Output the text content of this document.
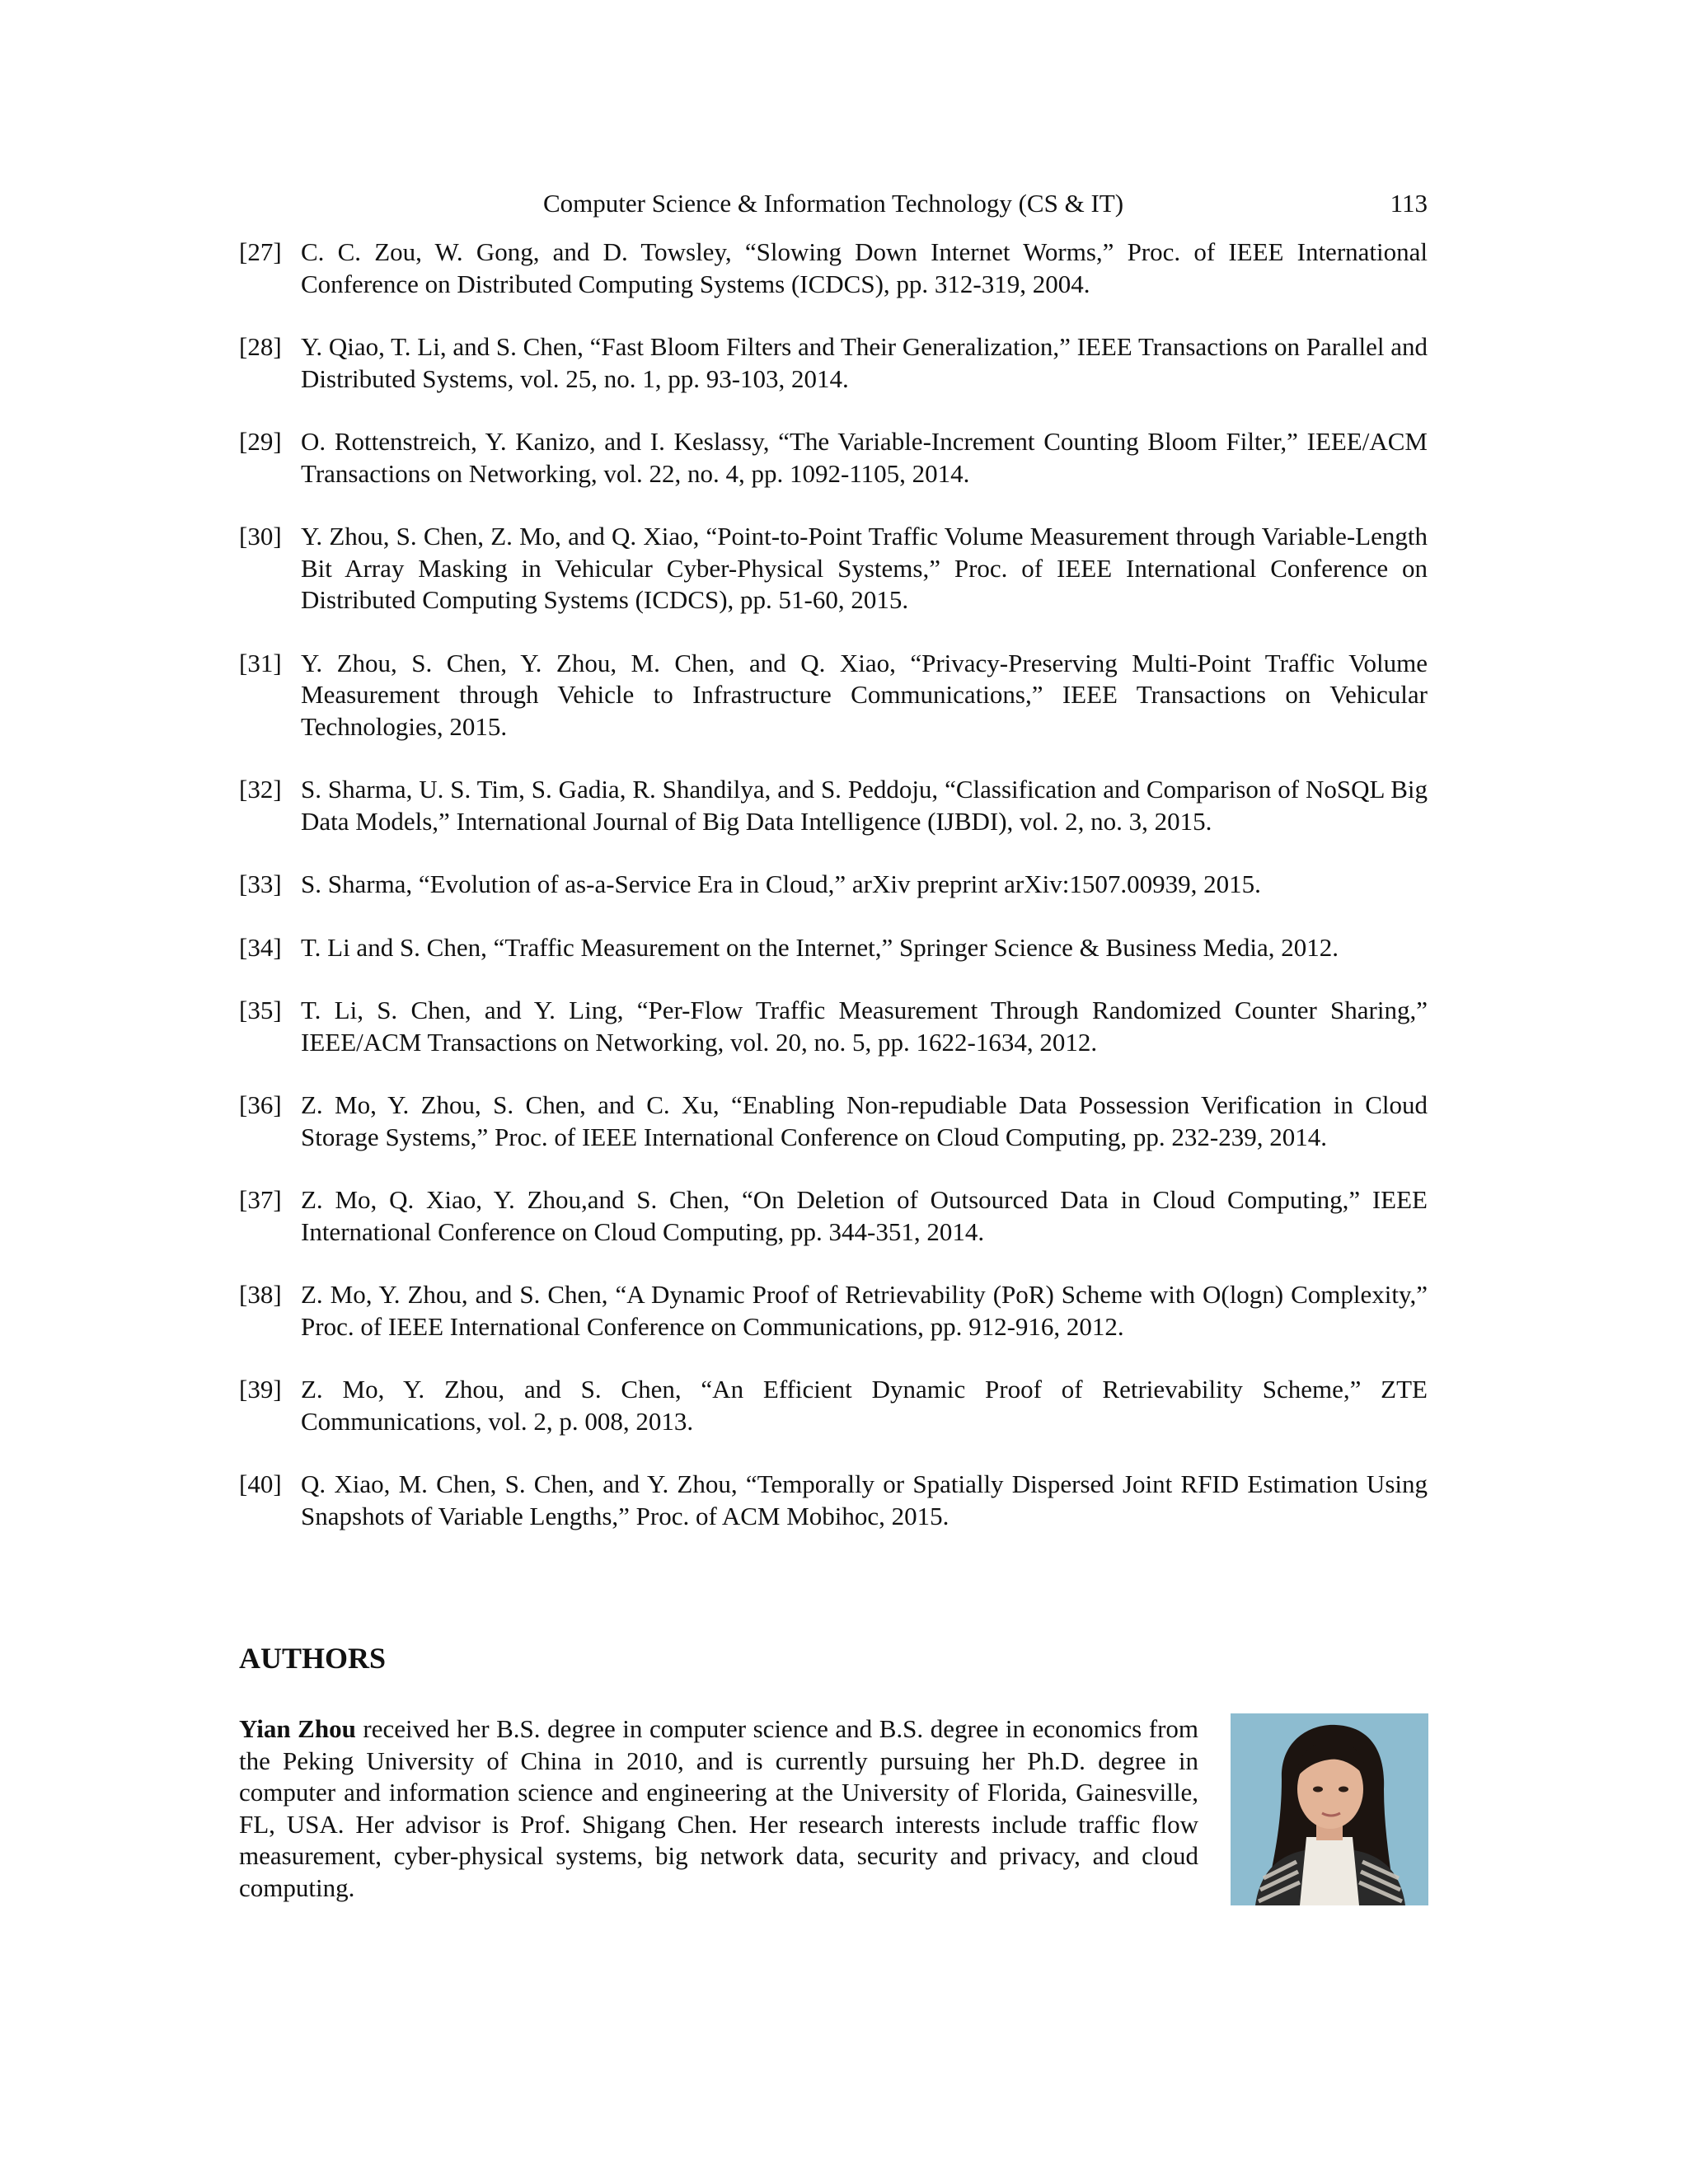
Computer Science & Information Technology (CS & IT)	113
[27] C. C. Zou, W. Gong, and D. Towsley, “Slowing Down Internet Worms,” Proc. of IEEE International Conference on Distributed Computing Systems (ICDCS), pp. 312-319, 2004.
[28] Y. Qiao, T. Li, and S. Chen, “Fast Bloom Filters and Their Generalization,” IEEE Transactions on Parallel and Distributed Systems, vol. 25, no. 1, pp. 93-103, 2014.
[29] O. Rottenstreich, Y. Kanizo, and I. Keslassy, “The Variable-Increment Counting Bloom Filter,” IEEE/ACM Transactions on Networking, vol. 22, no. 4, pp. 1092-1105, 2014.
[30] Y. Zhou, S. Chen, Z. Mo, and Q. Xiao, “Point-to-Point Traffic Volume Measurement through Variable-Length Bit Array Masking in Vehicular Cyber-Physical Systems,” Proc. of IEEE International Conference on Distributed Computing Systems (ICDCS), pp. 51-60, 2015.
[31] Y. Zhou, S. Chen, Y. Zhou, M. Chen, and Q. Xiao, “Privacy-Preserving Multi-Point Traffic Volume Measurement through Vehicle to Infrastructure Communications,” IEEE Transactions on Vehicular Technologies, 2015.
[32] S. Sharma, U. S. Tim, S. Gadia, R. Shandilya, and S. Peddoju, “Classification and Comparison of NoSQL Big Data Models,” International Journal of Big Data Intelligence (IJBDI), vol. 2, no. 3, 2015.
[33] S. Sharma, “Evolution of as-a-Service Era in Cloud,” arXiv preprint arXiv:1507.00939, 2015.
[34] T. Li and S. Chen, “Traffic Measurement on the Internet,” Springer Science & Business Media, 2012.
[35] T. Li, S. Chen, and Y. Ling, “Per-Flow Traffic Measurement Through Randomized Counter Sharing,” IEEE/ACM Transactions on Networking, vol. 20, no. 5, pp. 1622-1634, 2012.
[36] Z. Mo, Y. Zhou, S. Chen, and C. Xu, “Enabling Non-repudiable Data Possession Verification in Cloud Storage Systems,” Proc. of IEEE International Conference on Cloud Computing, pp. 232-239, 2014.
[37] Z. Mo, Q. Xiao, Y. Zhou,and S. Chen, “On Deletion of Outsourced Data in Cloud Computing,” IEEE International Conference on Cloud Computing, pp. 344-351, 2014.
[38] Z. Mo, Y. Zhou, and S. Chen, “A Dynamic Proof of Retrievability (PoR) Scheme with O(logn) Complexity,” Proc. of IEEE International Conference on Communications, pp. 912-916, 2012.
[39] Z. Mo, Y. Zhou, and S. Chen, “An Efficient Dynamic Proof of Retrievability Scheme,” ZTE Communications, vol. 2, p. 008, 2013.
[40] Q. Xiao, M. Chen, S. Chen, and Y. Zhou, “Temporally or Spatially Dispersed Joint RFID Estimation Using Snapshots of Variable Lengths,” Proc. of ACM Mobihoc, 2015.
AUTHORS
Yian Zhou received her B.S. degree in computer science and B.S. degree in economics from the Peking University of China in 2010, and is currently pursuing her Ph.D. degree in computer and information science and engineering at the University of Florida, Gainesville, FL, USA. Her advisor is Prof. Shigang Chen. Her research interests include traffic flow measurement, cyber-physical systems, big network data, security and privacy, and cloud computing.
